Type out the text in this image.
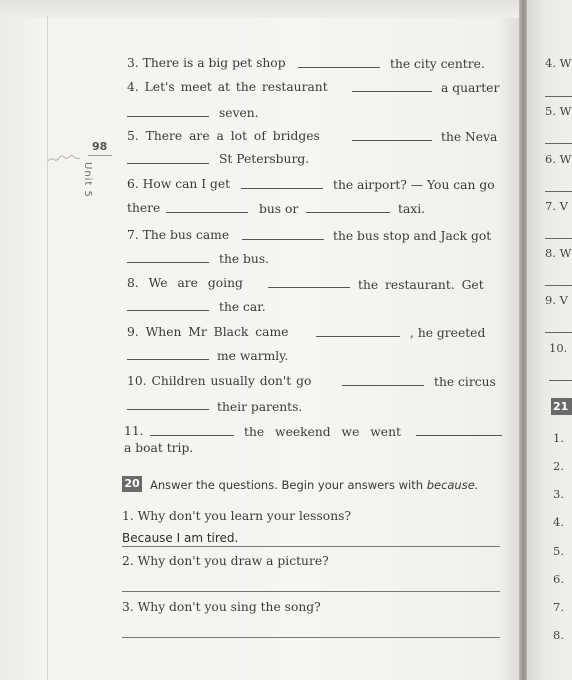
98
Unit 5
3. There is a big pet shop	the city centre.
4. Let's meet at the restaurant	a quarter
seven.
5. There are a lot of bridges	the Neva
St Petersburg.
6. How can I get	the airport? — You can go
there	bus or	taxi.
7. The bus came	the bus stop and Jack got
the bus.
8. We are going	the restaurant. Get
the car.
9. When Mr Black came	, he greeted
me warmly.
10. Children usually don't go	the circus
their parents.
11.	the weekend we went
a boat trip.
20 Answer the questions. Begin your answers with because.
1. Why don't you learn your lessons?
Because I am tired.
2. Why don't you draw a picture?
3. Why don't you sing the song?
4. W
5. W
6. W
7. V
8. W
9. V
10.
21
1.
2.
3.
4.
5.
6.
7.
8.
